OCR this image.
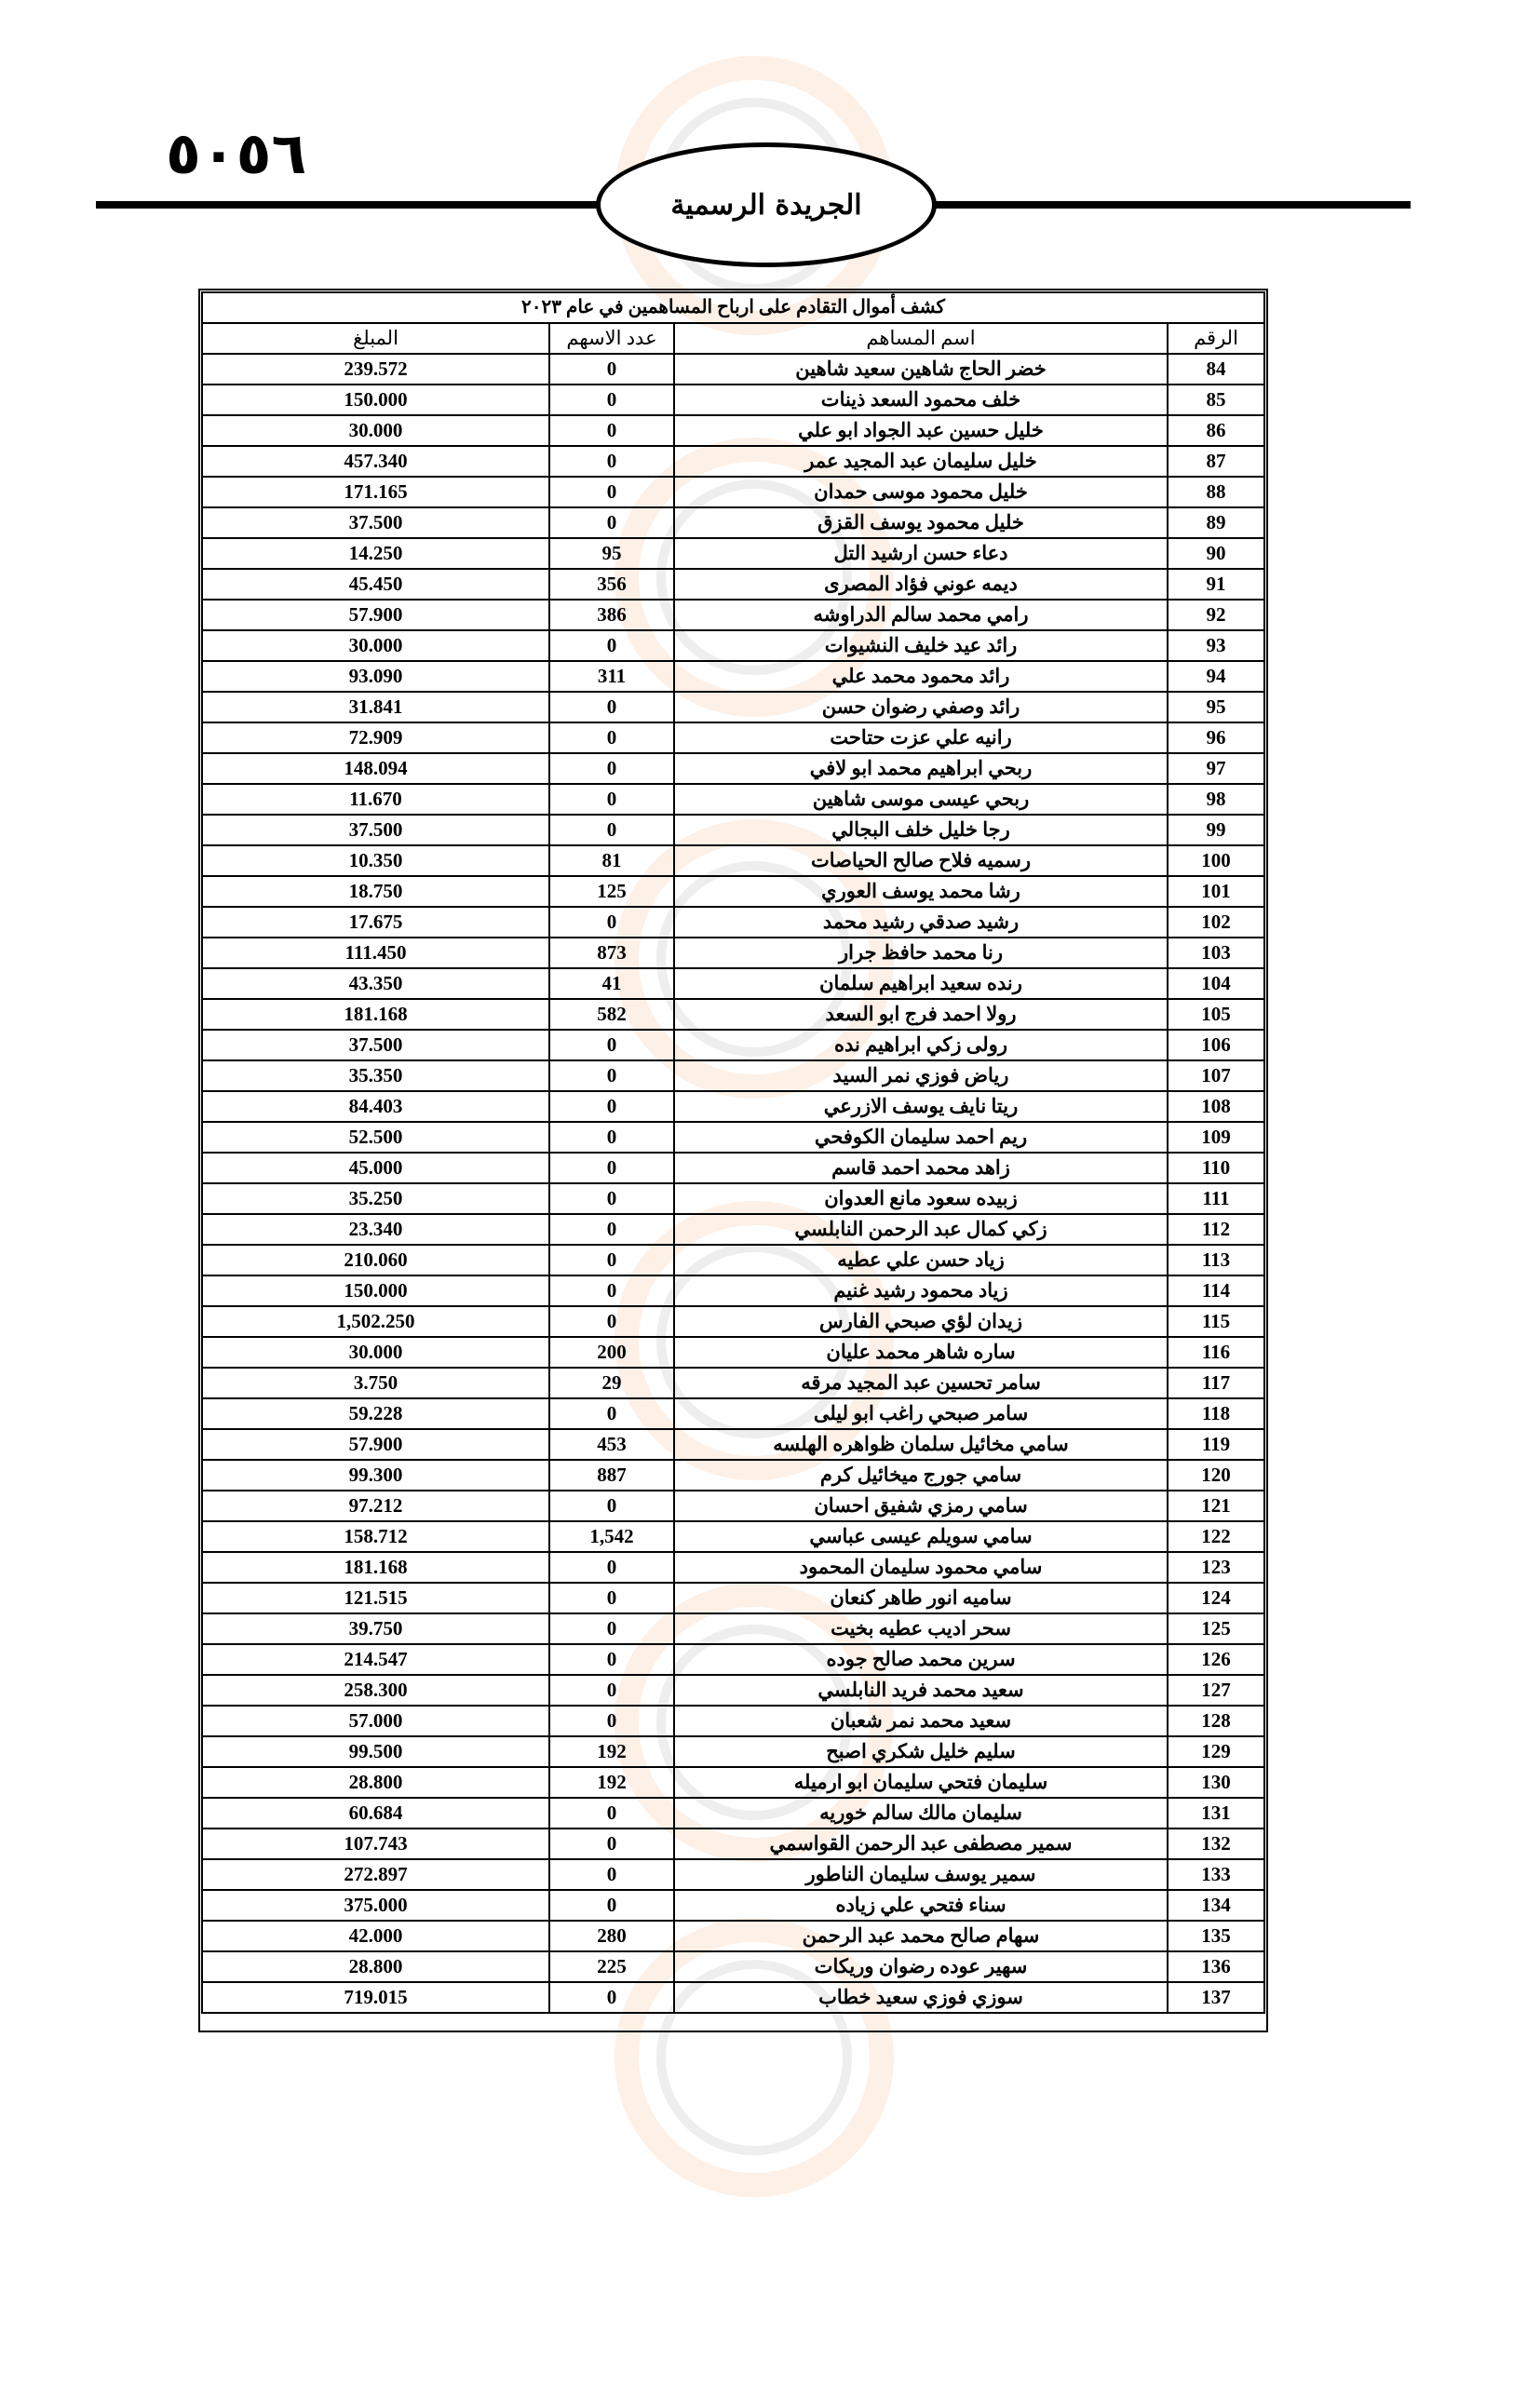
٥٠٥٦
الجريدة الرسمية
كشف أموال التقادم على ارباح المساهمين في عام ٢٠٢٣			
المبلغ	عدد الاسهم	اسم المساهم	الرقم
239.572	0	خضر الحاج شاهين سعيد شاهين	84
150.000	0	خلف محمود السعد ذينات	85
30.000	0	خليل حسين عبد الجواد ابو علي	86
457.340	0	خليل سليمان عبد المجيد عمر	87
171.165	0	خليل محمود موسى حمدان	88
37.500	0	خليل محمود يوسف القزق	89
14.250	95	دعاء حسن ارشيد التل	90
45.450	356	ديمه عوني فؤاد المصرى	91
57.900	386	رامي محمد سالم الدراوشه	92
30.000	0	رائد عيد خليف النشيوات	93
93.090	311	رائد محمود محمد علي	94
31.841	0	رائد وصفي رضوان حسن	95
72.909	0	رانيه علي عزت حتاحت	96
148.094	0	ربحي ابراهيم محمد ابو لافي	97
11.670	0	ربحي عيسى موسى شاهين	98
37.500	0	رجا خليل خلف البجالي	99
10.350	81	رسميه فلاح صالح الحياصات	100
18.750	125	رشا محمد يوسف العوري	101
17.675	0	رشيد صدقي رشيد محمد	102
111.450	873	رنا محمد حافظ جرار	103
43.350	41	رنده سعيد ابراهيم سلمان	104
181.168	582	رولا احمد فرج ابو السعد	105
37.500	0	رولى زكي ابراهيم نده	106
35.350	0	رياض فوزي نمر السيد	107
84.403	0	ريتا نايف يوسف الازرعي	108
52.500	0	ريم احمد سليمان الكوفحي	109
45.000	0	زاهد محمد احمد قاسم	110
35.250	0	زبيده سعود مانع العدوان	111
23.340	0	زكي كمال عبد الرحمن النابلسي	112
210.060	0	زياد حسن علي عطيه	113
150.000	0	زياد محمود رشيد غنيم	114
1,502.250	0	زيدان لؤي صبحي الفارس	115
30.000	200	ساره شاهر محمد عليان	116
3.750	29	سامر تحسين عبد المجيد مرقه	117
59.228	0	سامر صبحي راغب ابو ليلى	118
57.900	453	سامي مخائيل سلمان ظواهره الهلسه	119
99.300	887	سامي جورج ميخائيل كرم	120
97.212	0	سامي رمزي شفيق احسان	121
158.712	1,542	سامي سويلم عيسى عباسي	122
181.168	0	سامي محمود سليمان المحمود	123
121.515	0	ساميه انور طاهر كنعان	124
39.750	0	سحر اديب عطيه بخيت	125
214.547	0	سرين محمد صالح جوده	126
258.300	0	سعيد محمد فريد النابلسي	127
57.000	0	سعيد محمد نمر شعبان	128
99.500	192	سليم خليل شكري اصبح	129
28.800	192	سليمان فتحي سليمان ابو ارميله	130
60.684	0	سليمان مالك سالم خوريه	131
107.743	0	سمير مصطفى عبد الرحمن القواسمي	132
272.897	0	سمير يوسف سليمان الناطور	133
375.000	0	سناء فتحي علي زياده	134
42.000	280	سهام صالح محمد عبد الرحمن	135
28.800	225	سهير عوده رضوان وريكات	136
719.015	0	سوزي فوزي سعيد خطاب	137
